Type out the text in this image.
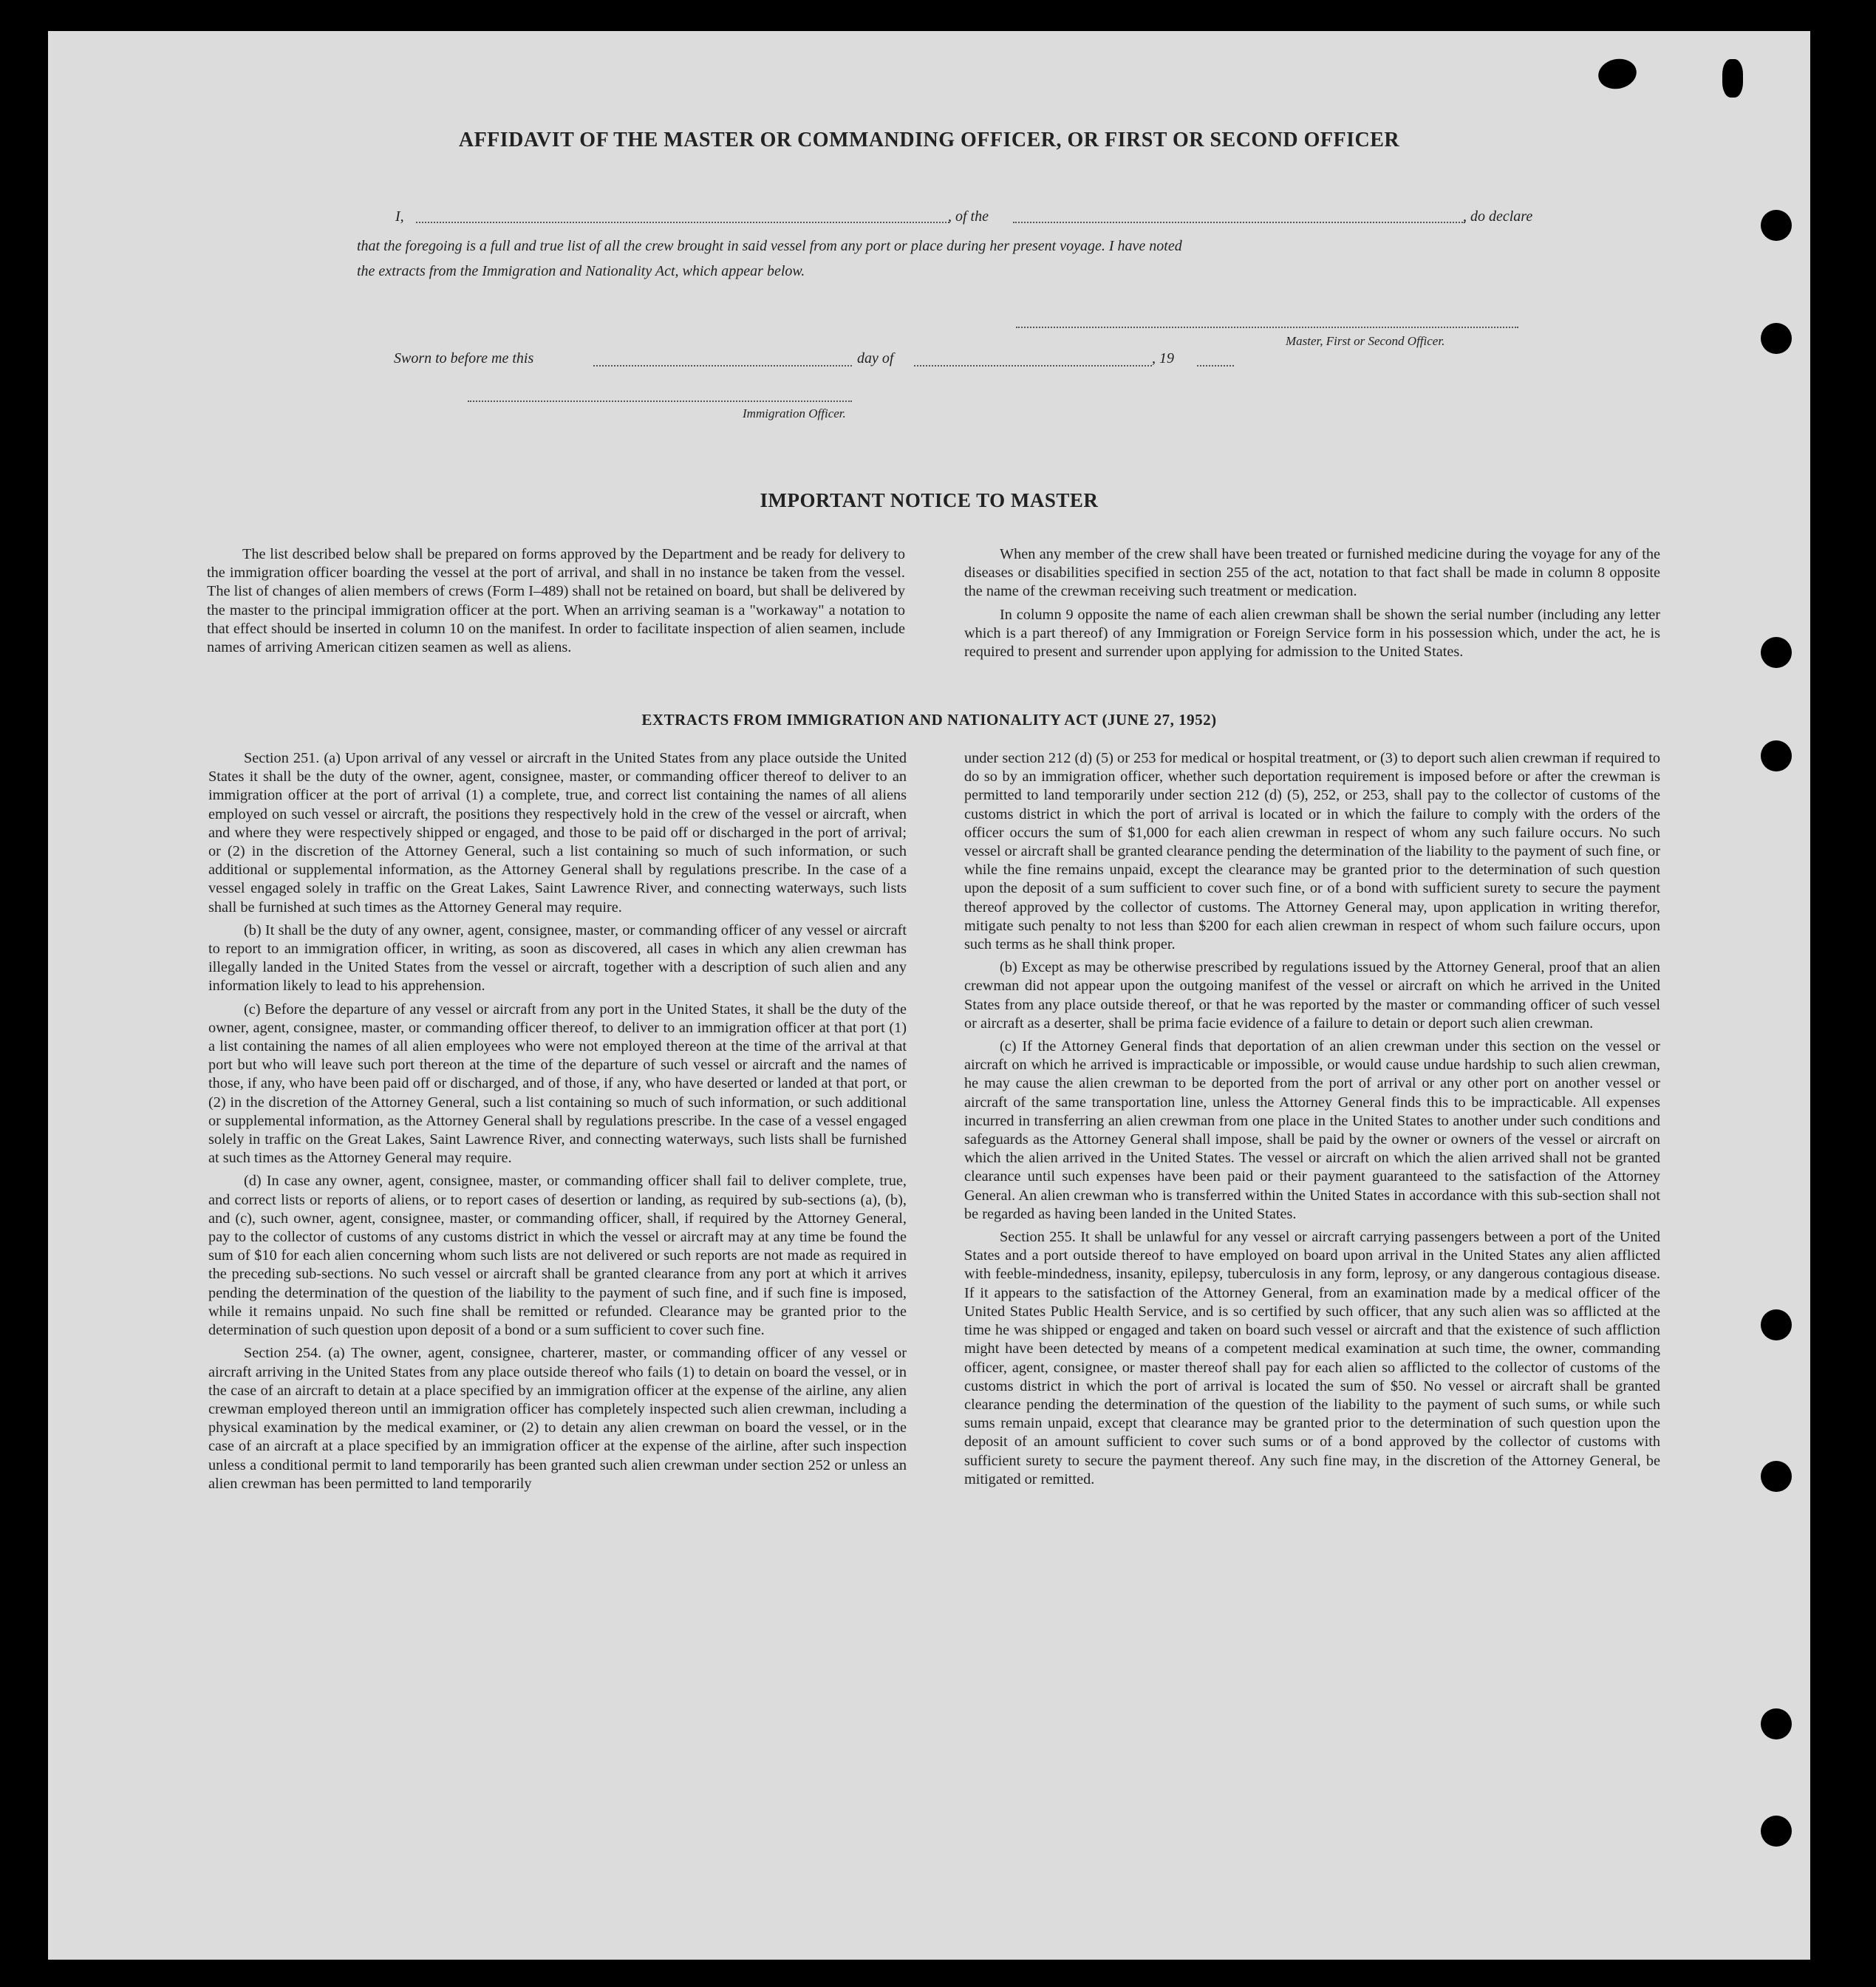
AFFIDAVIT OF THE MASTER OR COMMANDING OFFICER, OR FIRST OR SECOND OFFICER
I,	, of the	, do declare
that the foregoing is a full and true list of all the crew brought in said vessel from any port or place during her present voyage. I have noted
the extracts from the Immigration and Nationality Act, which appear below.
Master, First or Second Officer.
Sworn to before me this	day of	, 19
Immigration Officer.
IMPORTANT NOTICE TO MASTER

The list described below shall be prepared on forms approved by the Department and be ready for delivery to the immigration officer boarding the vessel at the port of arrival, and shall in no instance be taken from the vessel. The list of changes of alien members of crews (Form I–489) shall not be retained on board, but shall be delivered by the master to the principal immigration officer at the port. When an arriving seaman is a "workaway" a notation to that effect should be inserted in column 10 on the manifest. In order to facilitate inspection of alien seamen, include names of arriving American citizen seamen as well as aliens.

When any member of the crew shall have been treated or furnished medicine during the voyage for any of the diseases or disabilities specified in section 255 of the act, notation to that fact shall be made in column 8 opposite the name of the crewman receiving such treatment or medication.

In column 9 opposite the name of each alien crewman shall be shown the serial number (including any letter which is a part thereof) of any Immigration or Foreign Service form in his possession which, under the act, he is required to present and surrender upon applying for admission to the United States.

EXTRACTS FROM IMMIGRATION AND NATIONALITY ACT (JUNE 27, 1952)

Section 251. (a) Upon arrival of any vessel or aircraft in the United States from any place outside the United States it shall be the duty of the owner, agent, consignee, master, or commanding officer thereof to deliver to an immigration officer at the port of arrival (1) a complete, true, and correct list containing the names of all aliens employed on such vessel or aircraft, the positions they respectively hold in the crew of the vessel or aircraft, when and where they were respectively shipped or engaged, and those to be paid off or discharged in the port of arrival; or (2) in the discretion of the Attorney General, such a list containing so much of such information, or such additional or supplemental information, as the Attorney General shall by regulations prescribe. In the case of a vessel engaged solely in traffic on the Great Lakes, Saint Lawrence River, and connecting waterways, such lists shall be furnished at such times as the Attorney General may require.

(b) It shall be the duty of any owner, agent, consignee, master, or commanding officer of any vessel or aircraft to report to an immigration officer, in writing, as soon as discovered, all cases in which any alien crewman has illegally landed in the United States from the vessel or aircraft, together with a description of such alien and any information likely to lead to his apprehension.

(c) Before the departure of any vessel or aircraft from any port in the United States, it shall be the duty of the owner, agent, consignee, master, or commanding officer thereof, to deliver to an immigration officer at that port (1) a list containing the names of all alien employees who were not employed thereon at the time of the arrival at that port but who will leave such port thereon at the time of the departure of such vessel or aircraft and the names of those, if any, who have been paid off or discharged, and of those, if any, who have deserted or landed at that port, or (2) in the discretion of the Attorney General, such a list containing so much of such information, or such additional or supplemental information, as the Attorney General shall by regulations prescribe. In the case of a vessel engaged solely in traffic on the Great Lakes, Saint Lawrence River, and connecting waterways, such lists shall be furnished at such times as the Attorney General may require.

(d) In case any owner, agent, consignee, master, or commanding officer shall fail to deliver complete, true, and correct lists or reports of aliens, or to report cases of desertion or landing, as required by sub-sections (a), (b), and (c), such owner, agent, consignee, master, or commanding officer, shall, if required by the Attorney General, pay to the collector of customs of any customs district in which the vessel or aircraft may at any time be found the sum of $10 for each alien concerning whom such lists are not delivered or such reports are not made as required in the preceding sub-sections. No such vessel or aircraft shall be granted clearance from any port at which it arrives pending the determination of the question of the liability to the payment of such fine, and if such fine is imposed, while it remains unpaid. No such fine shall be remitted or refunded. Clearance may be granted prior to the determination of such question upon deposit of a bond or a sum sufficient to cover such fine.

Section 254. (a) The owner, agent, consignee, charterer, master, or commanding officer of any vessel or aircraft arriving in the United States from any place outside thereof who fails (1) to detain on board the vessel, or in the case of an aircraft to detain at a place specified by an immigration officer at the expense of the airline, any alien crewman employed thereon until an immigration officer has completely inspected such alien crewman, including a physical examination by the medical examiner, or (2) to detain any alien crewman on board the vessel, or in the case of an aircraft at a place specified by an immigration officer at the expense of the airline, after such inspection unless a conditional permit to land temporarily has been granted such alien crewman under section 252 or unless an alien crewman has been permitted to land temporarily

under section 212 (d) (5) or 253 for medical or hospital treatment, or (3) to deport such alien crewman if required to do so by an immigration officer, whether such deportation requirement is imposed before or after the crewman is permitted to land temporarily under section 212 (d) (5), 252, or 253, shall pay to the collector of customs of the customs district in which the port of arrival is located or in which the failure to comply with the orders of the officer occurs the sum of $1,000 for each alien crewman in respect of whom any such failure occurs. No such vessel or aircraft shall be granted clearance pending the determination of the liability to the payment of such fine, or while the fine remains unpaid, except the clearance may be granted prior to the determination of such question upon the deposit of a sum sufficient to cover such fine, or of a bond with sufficient surety to secure the payment thereof approved by the collector of customs. The Attorney General may, upon application in writing therefor, mitigate such penalty to not less than $200 for each alien crewman in respect of whom such failure occurs, upon such terms as he shall think proper.

(b) Except as may be otherwise prescribed by regulations issued by the Attorney General, proof that an alien crewman did not appear upon the outgoing manifest of the vessel or aircraft on which he arrived in the United States from any place outside thereof, or that he was reported by the master or commanding officer of such vessel or aircraft as a deserter, shall be prima facie evidence of a failure to detain or deport such alien crewman.

(c) If the Attorney General finds that deportation of an alien crewman under this section on the vessel or aircraft on which he arrived is impracticable or impossible, or would cause undue hardship to such alien crewman, he may cause the alien crewman to be deported from the port of arrival or any other port on another vessel or aircraft of the same transportation line, unless the Attorney General finds this to be impracticable. All expenses incurred in transferring an alien crewman from one place in the United States to another under such conditions and safeguards as the Attorney General shall impose, shall be paid by the owner or owners of the vessel or aircraft on which the alien arrived in the United States. The vessel or aircraft on which the alien arrived shall not be granted clearance until such expenses have been paid or their payment guaranteed to the satisfaction of the Attorney General. An alien crewman who is transferred within the United States in accordance with this sub-section shall not be regarded as having been landed in the United States.

Section 255. It shall be unlawful for any vessel or aircraft carrying passengers between a port of the United States and a port outside thereof to have employed on board upon arrival in the United States any alien afflicted with feeble-mindedness, insanity, epilepsy, tuberculosis in any form, leprosy, or any dangerous contagious disease. If it appears to the satisfaction of the Attorney General, from an examination made by a medical officer of the United States Public Health Service, and is so certified by such officer, that any such alien was so afflicted at the time he was shipped or engaged and taken on board such vessel or aircraft and that the existence of such affliction might have been detected by means of a competent medical examination at such time, the owner, commanding officer, agent, consignee, or master thereof shall pay for each alien so afflicted to the collector of customs of the customs district in which the port of arrival is located the sum of $50. No vessel or aircraft shall be granted clearance pending the determination of the question of the liability to the payment of such sums, or while such sums remain unpaid, except that clearance may be granted prior to the determination of such question upon the deposit of an amount sufficient to cover such sums or of a bond approved by the collector of customs with sufficient surety to secure the payment thereof. Any such fine may, in the discretion of the Attorney General, be mitigated or remitted.
